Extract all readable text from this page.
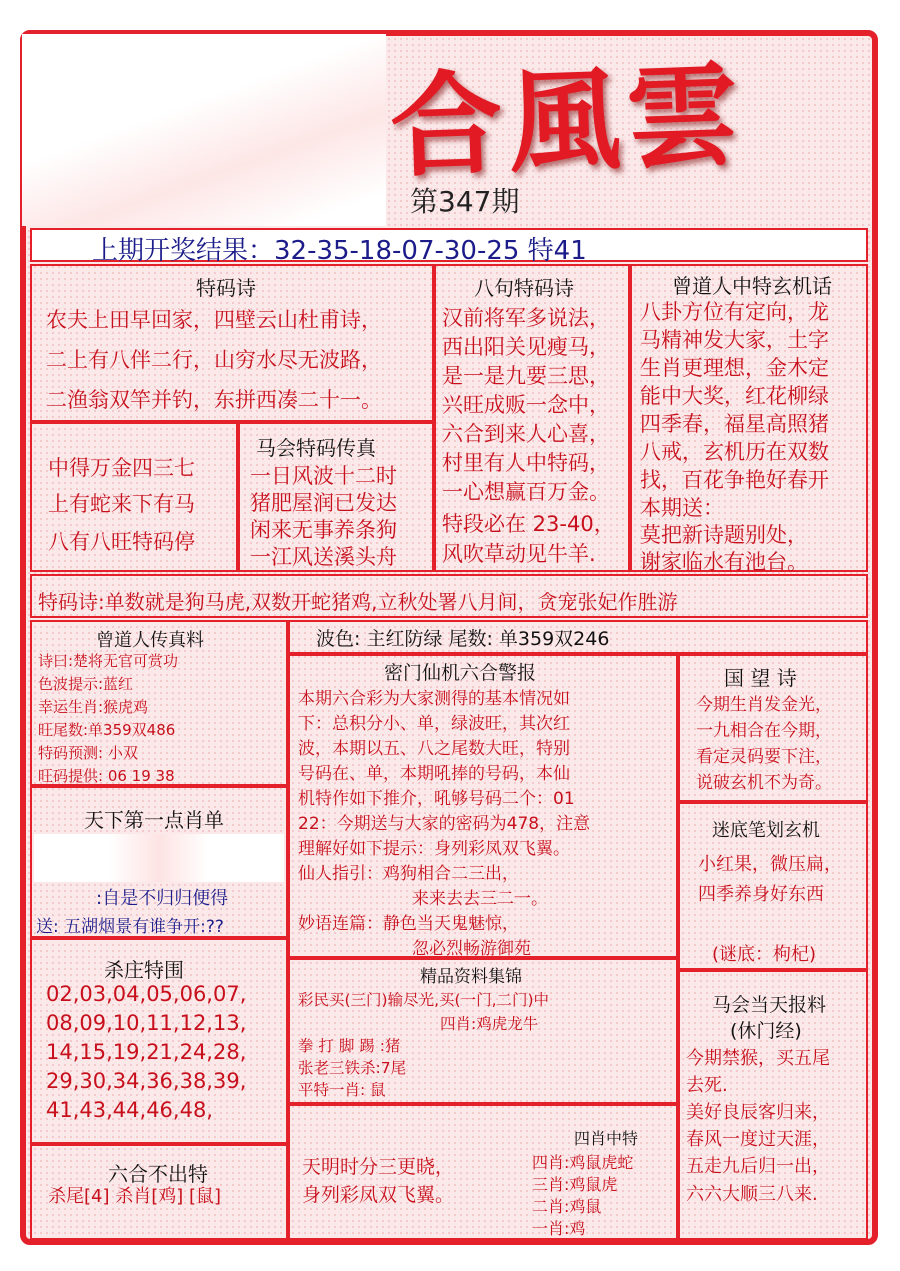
合風雲
第347期
上期开奖结果：32-35-18-07-30-25 特41
特码诗
农夫上田早回家，四壁云山杜甫诗，
二上有八伴二行，山穷水尽无波路，
二渔翁双竿并钓，东拼西凑二十一。
中得万金四三七
上有蛇来下有马
八有八旺特码停
马会特码传真
一日风波十二时
猪肥屋润已发达
闲来无事养条狗
一江风送溪头舟
八句特码诗
汉前将军多说法，
西出阳关见瘦马，
是一是九要三思，
兴旺成贩一念中，
六合到来人心喜，
村里有人中特码，
一心想赢百万金。
特段必在 23-40，
风吹草动见牛羊.
曾道人中特玄机话
八卦方位有定向，龙
马精神发大家，土字
生肖更理想，金木定
能中大奖，红花柳绿
四季春，福星高照猪
八戒，玄机历在双数
找，百花争艳好春开
本期送：
莫把新诗题别处，
谢家临水有池台。
特码诗:单数就是狗马虎,双数开蛇猪鸡,立秋处署八月间，贪宠张妃作胜游
曾道人传真料
诗曰:楚将无官可赏功
色波提示:蓝红
幸运生肖:猴虎鸡
旺尾数:单359双486
特码预测: 小双
旺码提供: 06 19 38
天下第一点肖单
:自是不归归便得
送: 五湖烟景有谁争开:??
杀庄特围
02,03,04,05,06,07,
08,09,10,11,12,13,
14,15,19,21,24,28,
29,30,34,36,38,39,
41,43,44,46,48,
六合不出特
杀尾[4] 杀肖[鸡] [鼠]
波色: 主红防绿 尾数: 单359双246
密门仙机六合警报
本期六合彩为大家测得的基本情况如
下：总积分小、单，绿波旺，其次红
波，本期以五、八之尾数大旺，特别
号码在、单，本期吼捧的号码，本仙
机特作如下推介，吼够号码二个：01
22：今期送与大家的密码为478，注意
理解好如下提示：身列彩凤双飞翼。
仙人指引：鸡狗相合二三出，
来来去去三二一。
妙语连篇：静色当天鬼魅惊，
忽必烈畅游御苑
国 望 诗
今期生肖发金光，
一九相合在今期，
看定灵码要下注，
说破玄机不为奇。
迷底笔划玄机
小红果，微压扁，
四季养身好东西
(谜底：枸杞)
精品资料集锦
彩民买(三门)输尽光,买(一门,二门)中
四肖:鸡虎龙牛
拳 打 脚 踢 :猪
张老三铁杀:7尾
平特一肖: 鼠
马会当天报料
(休门经)
今期禁猴，买五尾
去死.
美好良辰客归来，
春风一度过天涯，
五走九后归一出，
六六大顺三八来.
天明时分三更晓，
身列彩凤双飞翼。
四肖中特
四肖:鸡鼠虎蛇
三肖:鸡鼠虎
二肖:鸡鼠
一肖:鸡
